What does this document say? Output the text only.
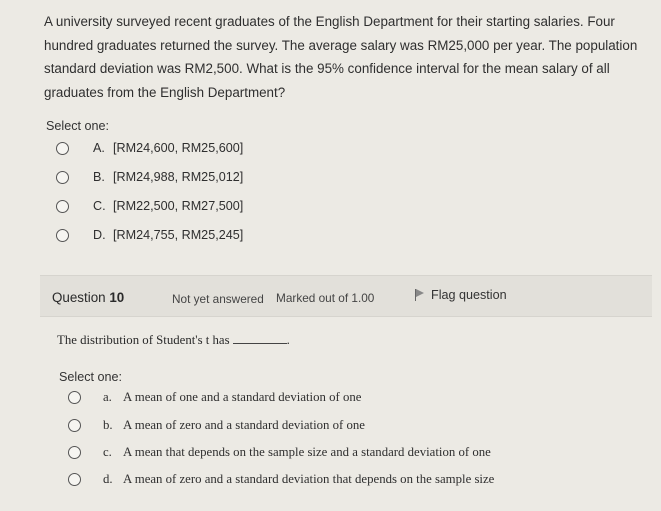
A university surveyed recent graduates of the English Department for their starting salaries. Four hundred graduates returned the survey. The average salary was RM25,000 per year. The population standard deviation was RM2,500. What is the 95% confidence interval for the mean salary of all graduates from the English Department?
Select one:
A. [RM24,600, RM25,600]
B. [RM24,988, RM25,012]
C. [RM22,500, RM27,500]
D. [RM24,755, RM25,245]
Question 10	Not yet answered Marked out of 1.00	Flag question
The distribution of Student's t has	.
Select one:
a. A mean of one and a standard deviation of one
b. A mean of zero and a standard deviation of one
c. A mean that depends on the sample size and a standard deviation of one
d. A mean of zero and a standard deviation that depends on the sample size
